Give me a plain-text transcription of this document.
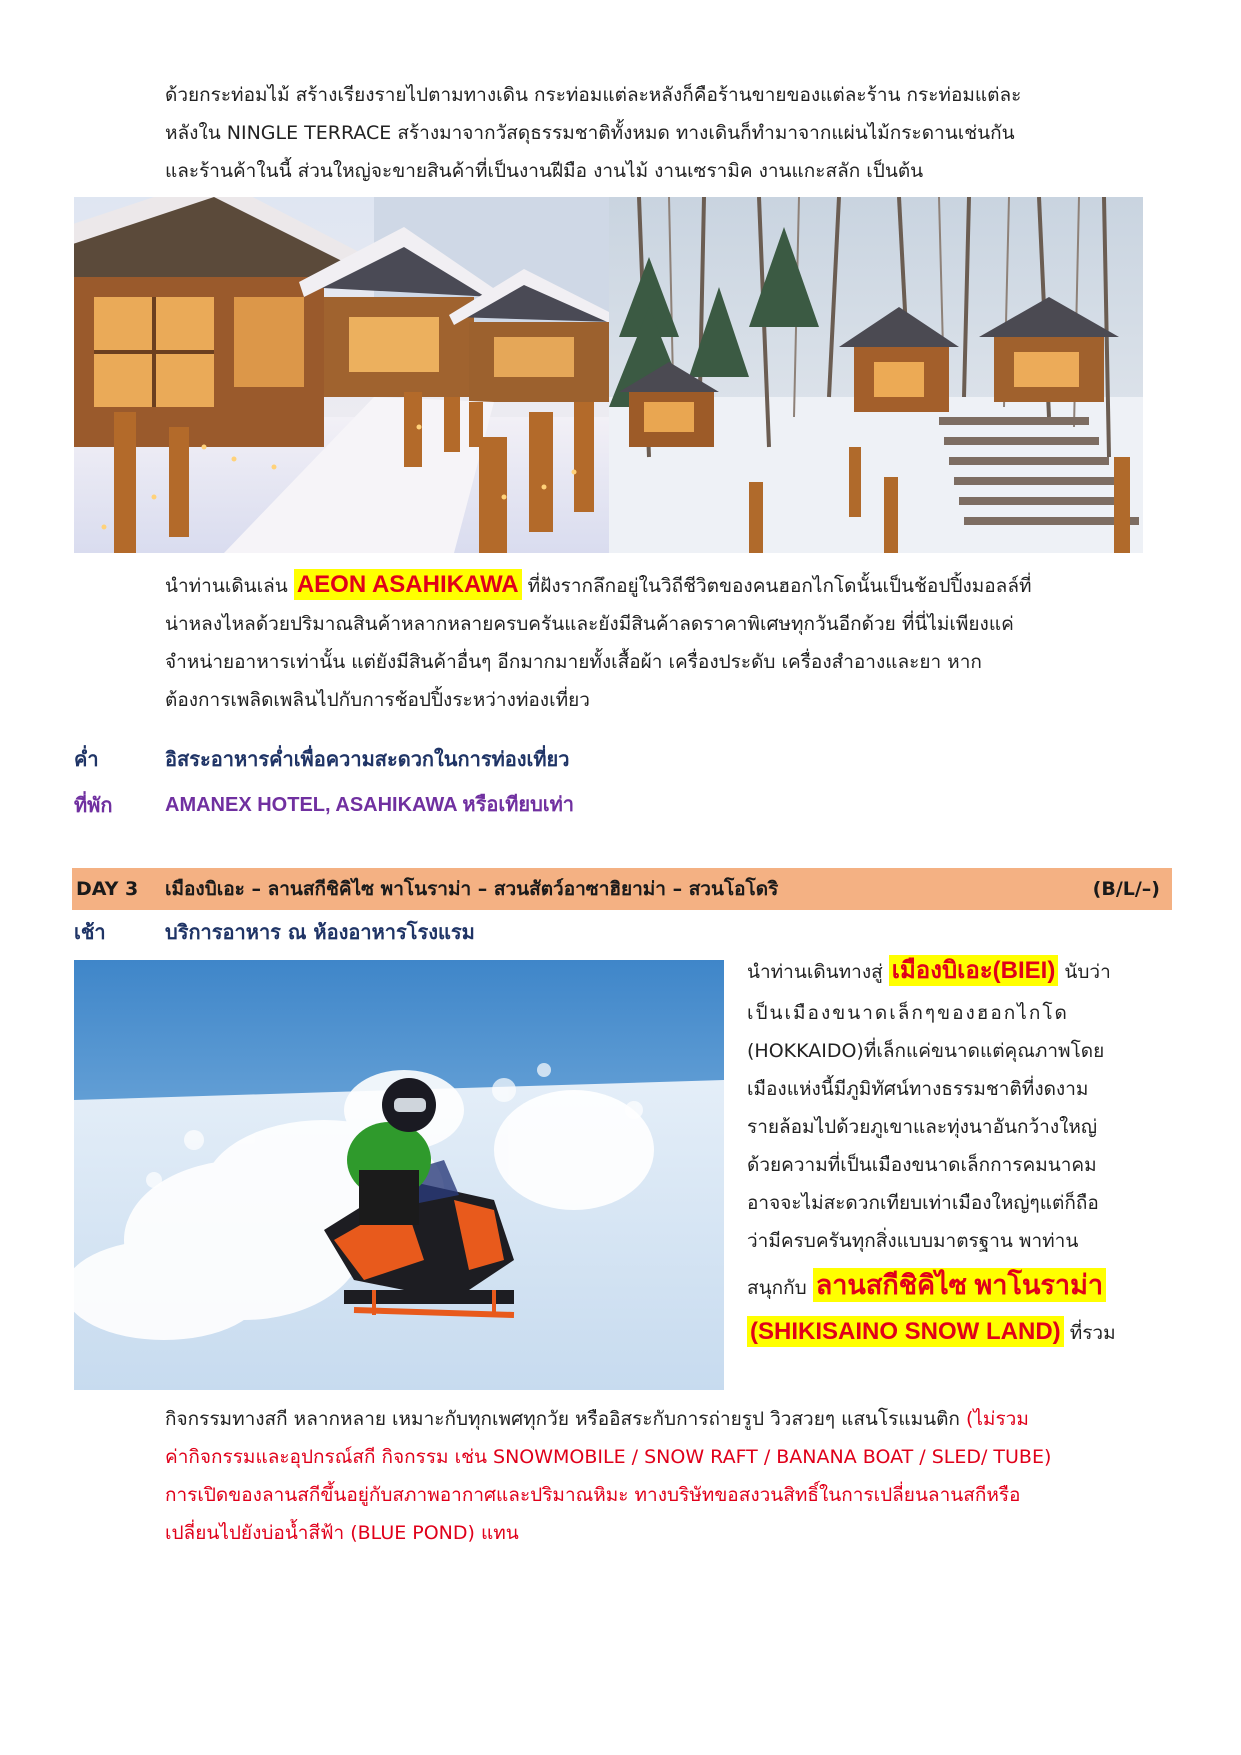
ด้วยกระท่อมไม้ สร้างเรียงรายไปตามทางเดิน กระท่อมแต่ละหลังก็คือร้านขายของแต่ละร้าน กระท่อมแต่ละ
หลังใน NINGLE TERRACE สร้างมาจากวัสดุธรรมชาติทั้งหมด ทางเดินก็ทำมาจากแผ่นไม้กระดานเช่นกัน
และร้านค้าในนี้ ส่วนใหญ่จะขายสินค้าที่เป็นงานฝีมือ งานไม้ งานเซรามิค งานแกะสลัก เป็นต้น
นำท่านเดินเล่น AEON ASAHIKAWA ที่ฝังรากลึกอยู่ในวิถีชีวิตของคนฮอกไกโดนั้นเป็นช้อปปิ้งมอลล์ที่
น่าหลงไหลด้วยปริมาณสินค้าหลากหลายครบครันและยังมีสินค้าลดราคาพิเศษทุกวันอีกด้วย ที่นี่ไม่เพียงแค่
จำหน่ายอาหารเท่านั้น แต่ยังมีสินค้าอื่นๆ อีกมากมายทั้งเสื้อผ้า เครื่องประดับ เครื่องสำอางและยา หาก
ต้องการเพลิดเพลินไปกับการช้อปปิ้งระหว่างท่องเที่ยว
ค่ำ	อิสระอาหารค่ำเพื่อความสะดวกในการท่องเที่ยว
ที่พัก	AMANEX HOTEL, ASAHIKAWA หรือเทียบเท่า
DAY 3 เมืองบิเอะ – ลานสกีชิคิไซ พาโนราม่า – สวนสัตว์อาซาฮิยาม่า – สวนโอโดริ	(B/L/–)
เช้า	บริการอาหาร ณ ห้องอาหารโรงแรม
นำท่านเดินทางสู่ เมืองบิเอะ(BIEI) นับว่า
เป็นเมืองขนาดเล็กๆของฮอกไกโด
(HOKKAIDO)ที่เล็กแค่ขนาดแต่คุณภาพโดย
เมืองแห่งนี้มีภูมิทัศน์ทางธรรมชาติที่งดงาม
รายล้อมไปด้วยภูเขาและทุ่งนาอันกว้างใหญ่
ด้วยความที่เป็นเมืองขนาดเล็กการคมนาคม
อาจจะไม่สะดวกเทียบเท่าเมืองใหญ่ๆแต่ก็ถือ
ว่ามีครบครันทุกสิ่งแบบมาตรฐาน พาท่าน
สนุกกับ ลานสกีชิคิไซ พาโนราม่า
(SHIKISAINO SNOW LAND) ที่รวม
กิจกรรมทางสกี หลากหลาย เหมาะกับทุกเพศทุกวัย หรืออิสระกับการถ่ายรูป วิวสวยๆ แสนโรแมนติก (ไม่รวม
ค่ากิจกรรมและอุปกรณ์สกี กิจกรรม เช่น SNOWMOBILE / SNOW RAFT / BANANA BOAT / SLED/ TUBE)
การเปิดของลานสกีขึ้นอยู่กับสภาพอากาศและปริมาณหิมะ ทางบริษัทขอสงวนสิทธิ์ในการเปลี่ยนลานสกีหรือ
เปลี่ยนไปยังบ่อน้ำสีฟ้า (BLUE POND) แทน
